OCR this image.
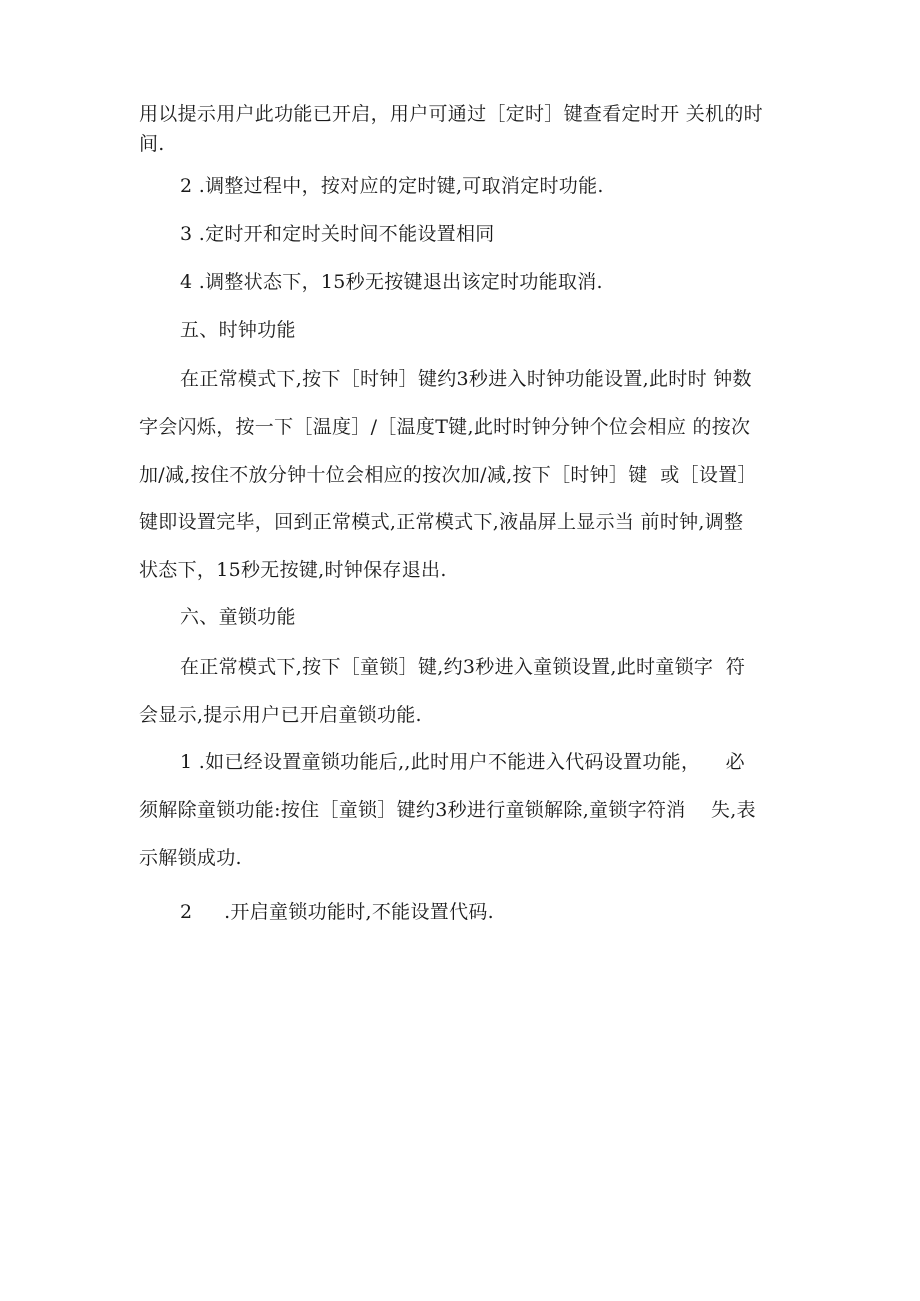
用以提示用户此功能已开启，用户可通过［定时］键查看定时开 关机的时
间.
2 .调整过程中，按对应的定时键,可取消定时功能.
3 .定时开和定时关时间不能设置相同
4 .调整状态下，15秒无按键退出该定时功能取消.
五、时钟功能
在正常模式下,按下［时钟］键约3秒进入时钟功能设置,此时时 钟数
字会闪烁，按一下［温度］/［温度T键,此时时钟分钟个位会相应 的按次
加/减,按住不放分钟十位会相应的按次加/减,按下［时钟］键  或［设置］
键即设置完毕，回到正常模式,正常模式下,液晶屏上显示当 前时钟,调整
状态下，15秒无按键,时钟保存退出.
六、童锁功能
在正常模式下,按下［童锁］键,约3秒进入童锁设置,此时童锁字  符
会显示,提示用户已开启童锁功能.
1 .如已经设置童锁功能后,,此时用户不能进入代码设置功能，    必
须解除童锁功能:按住［童锁］键约3秒进行童锁解除,童锁字符消    失,表
示解锁成功.
2     .开启童锁功能时,不能设置代码.
